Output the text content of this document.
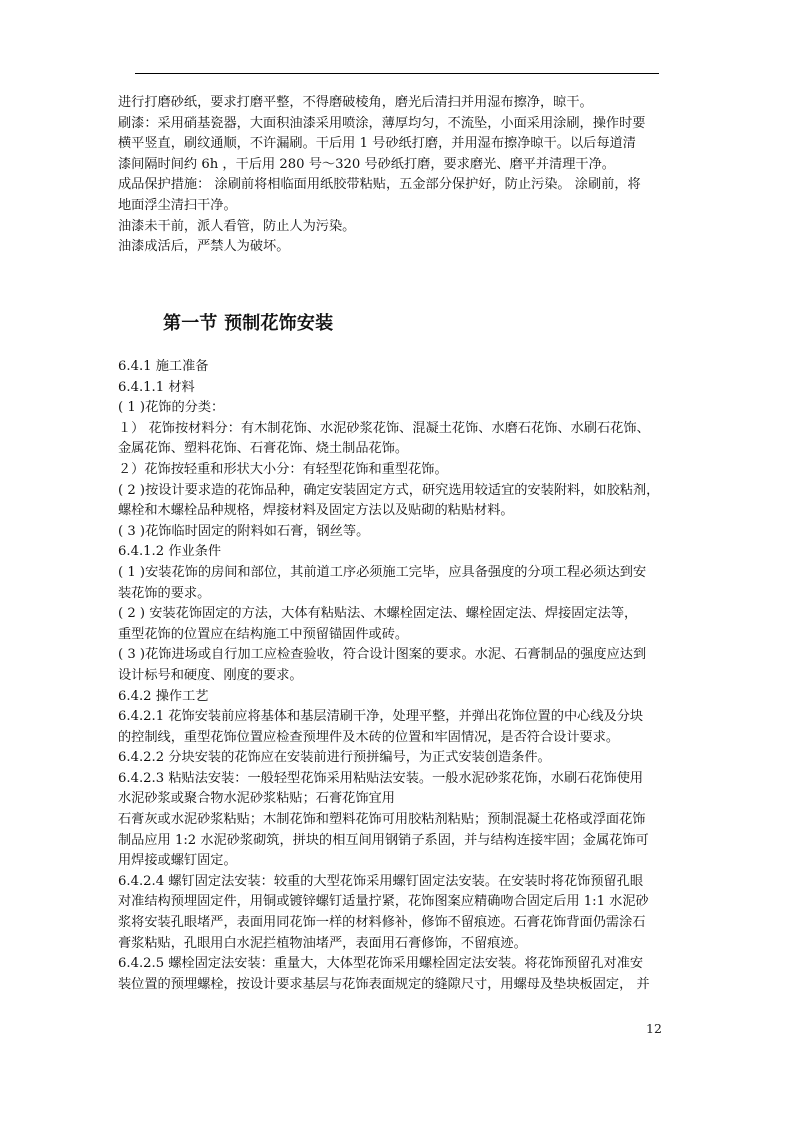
进行打磨砂纸，要求打磨平整，不得磨破棱角，磨光后清扫并用湿布擦净，晾干。

刷漆：采用硝基瓷器，大面积油漆采用喷涂，薄厚均匀，不流坠，小面采用涂刷，操作时要

横平竖直，刷纹通顺，不许漏刷。干后用 1 号砂纸打磨，并用湿布擦净晾干。以后每道清

漆间隔时间约 6h ，干后用 280 号～320 号砂纸打磨，要求磨光、磨平并清理干净。

成品保护措施： 涂刷前将相临面用纸胶带粘贴，五金部分保护好，防止污染。 涂刷前，将

地面浮尘清扫干净。

油漆未干前，派人看管，防止人为污染。

油漆成活后，严禁人为破坏。

第一节 预制花饰安装

6.4.1 施工准备

6.4.1.1 材料

( 1 )花饰的分类：

１） 花饰按材料分：有木制花饰、水泥砂浆花饰、混凝土花饰、水磨石花饰、水刷石花饰、

金属花饰、塑料花饰、石膏花饰、烧土制品花饰。

２）花饰按轻重和形状大小分：有轻型花饰和重型花饰。

( 2 )按设计要求造的花饰品种，确定安装固定方式，研究选用较适宜的安装附料，如胶粘剂，

螺栓和木螺栓品种规格，焊接材料及固定方法以及贴砌的粘贴材料。

( 3 )花饰临时固定的附料如石膏，钢丝等。

6.4.1.2 作业条件

( 1 )安装花饰的房间和部位，其前道工序必须施工完毕，应具备强度的分项工程必须达到安

装花饰的要求。

( 2 ) 安装花饰固定的方法，大体有粘贴法、木螺栓固定法、螺栓固定法、焊接固定法等，

重型花饰的位置应在结构施工中预留锚固件或砖。

( 3 )花饰进场或自行加工应检查验收，符合设计图案的要求。水泥、石膏制品的强度应达到

设计标号和硬度、刚度的要求。

6.4.2 操作工艺

6.4.2.1 花饰安装前应将基体和基层清刷干净，处理平整，并弹出花饰位置的中心线及分块

的控制线，重型花饰位置应检查预埋件及木砖的位置和牢固情况，是否符合设计要求。

6.4.2.2 分块安装的花饰应在安装前进行预拼编号，为正式安装创造条件。

6.4.2.3 粘贴法安装：一般轻型花饰采用粘贴法安装。一般水泥砂浆花饰，水刷石花饰使用

水泥砂浆或聚合物水泥砂浆粘贴；石膏花饰宜用

石膏灰或水泥砂浆粘贴；木制花饰和塑料花饰可用胶粘剂粘贴；预制混凝土花格或浮面花饰

制品应用 1:2 水泥砂浆砌筑，拼块的相互间用钢销子系固，并与结构连接牢固；金属花饰可

用焊接或螺钉固定。

6.4.2.4 螺钉固定法安装：较重的大型花饰采用螺钉固定法安装。在安装时将花饰预留孔眼

对准结构预埋固定件，用铜或镀锌螺钉适量拧紧，花饰图案应精确吻合固定后用 1:1 水泥砂

浆将安装孔眼堵严，表面用同花饰一样的材料修补，修饰不留痕迹。石膏花饰背面仍需涂石

膏浆粘贴，孔眼用白水泥拦植物油堵严，表面用石膏修饰，不留痕迹。

6.4.2.5 螺栓固定法安装：重量大，大体型花饰采用螺栓固定法安装。将花饰预留孔对准安

装位置的预埋螺栓，按设计要求基层与花饰表面规定的缝隙尺寸，用螺母及垫块板固定， 并

12
